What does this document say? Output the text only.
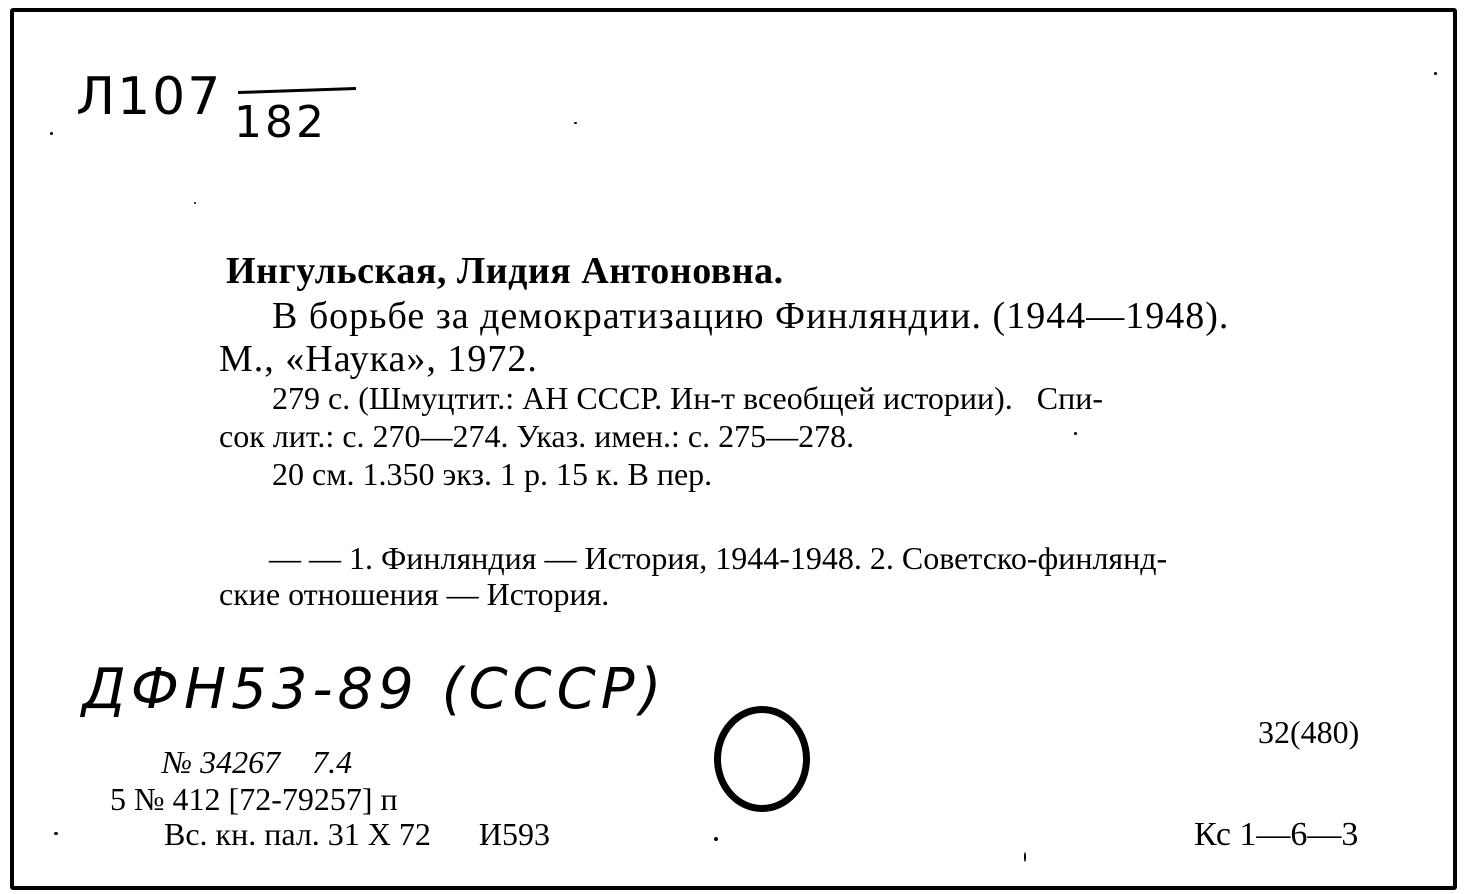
Л107 182
Ингульская, Лидия Антоновна.
В борьбе за демократизацию Финляндии. (1944—1948).
М., «Наука», 1972.
279 с. (Шмуцтит.: АН СССР. Ин-т всеобщей истории).   Спи-
сок лит.: с. 270—274. Указ. имен.: с. 275—278.
20 см. 1.350 экз. 1 р. 15 к. В пер.
— — 1. Финляндия — История, 1944-1948. 2. Советско-финлянд-
ские отношения — История.
ДФН53-89 (СССР)
32(480)
№ 34267    7.4
5 № 412 [72-79257] п
Вс. кн. пал. 31 X 72      И593	Кс 1—6—3
